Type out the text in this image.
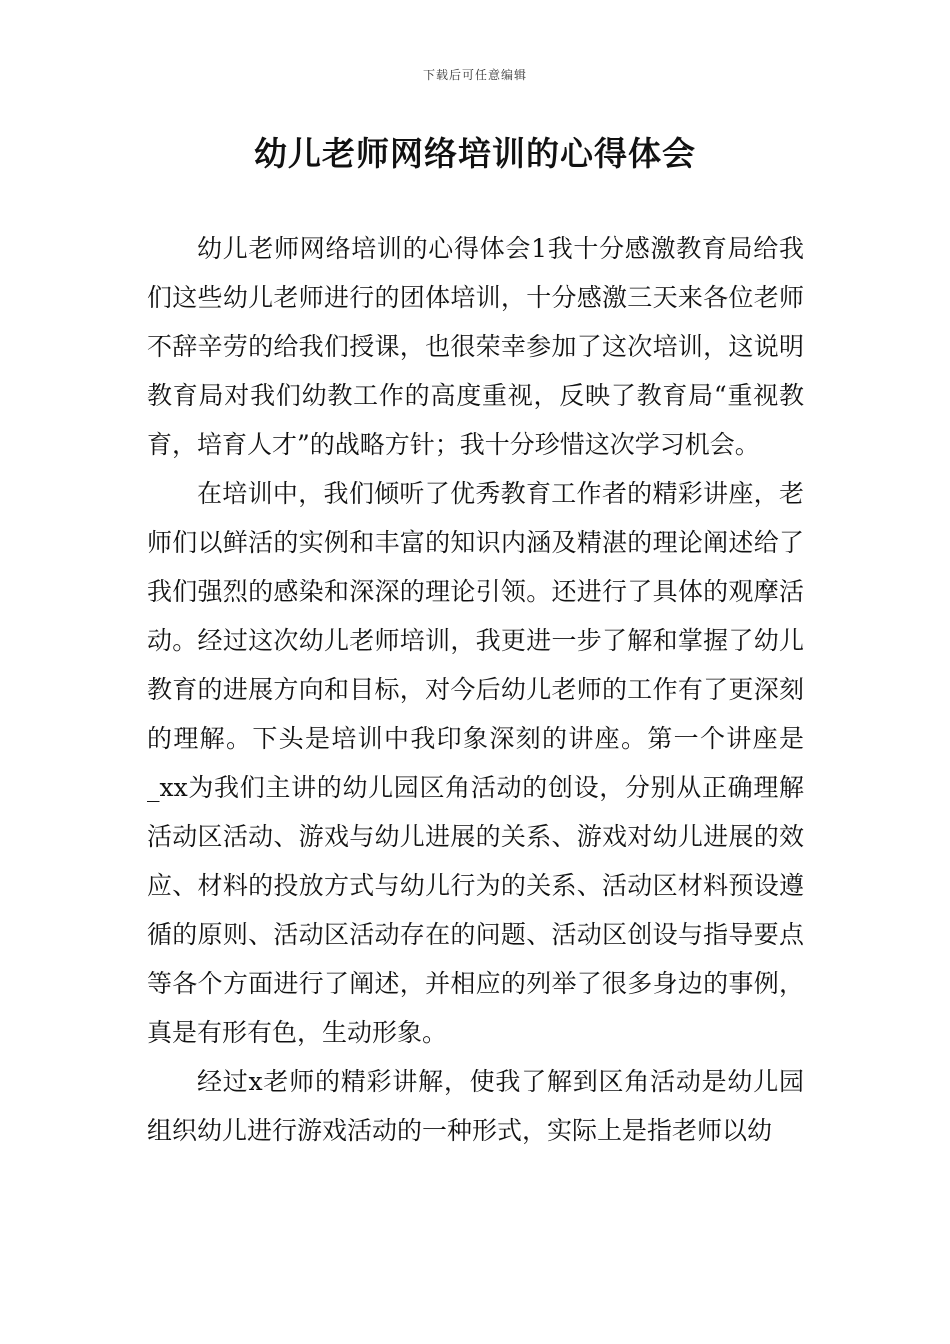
下载后可任意编辑
幼儿老师网络培训的心得体会

幼儿老师网络培训的心得体会1我十分感激教育局给我们这些幼儿老师进行的团体培训，十分感激三天来各位老师不辞辛劳的给我们授课，也很荣幸参加了这次培训，这说明教育局对我们幼教工作的高度重视，反映了教育局“重视教育，培育人才”的战略方针；我十分珍惜这次学习机会。

在培训中，我们倾听了优秀教育工作者的精彩讲座，老师们以鲜活的实例和丰富的知识内涵及精湛的理论阐述给了我们强烈的感染和深深的理论引领。还进行了具体的观摩活动。经过这次幼儿老师培训，我更进一步了解和掌握了幼儿教育的进展方向和目标，对今后幼儿老师的工作有了更深刻的理解。下头是培训中我印象深刻的讲座。第一个讲座是_xx为我们主讲的幼儿园区角活动的创设，分别从正确理解活动区活动、游戏与幼儿进展的关系、游戏对幼儿进展的效应、材料的投放方式与幼儿行为的关系、活动区材料预设遵循的原则、活动区活动存在的问题、活动区创设与指导要点等各个方面进行了阐述，并相应的列举了很多身边的事例，真是有形有色，生动形象。

经过x老师的精彩讲解，使我了解到区角活动是幼儿园组织幼儿进行游戏活动的一种形式，实际上是指老师以幼
